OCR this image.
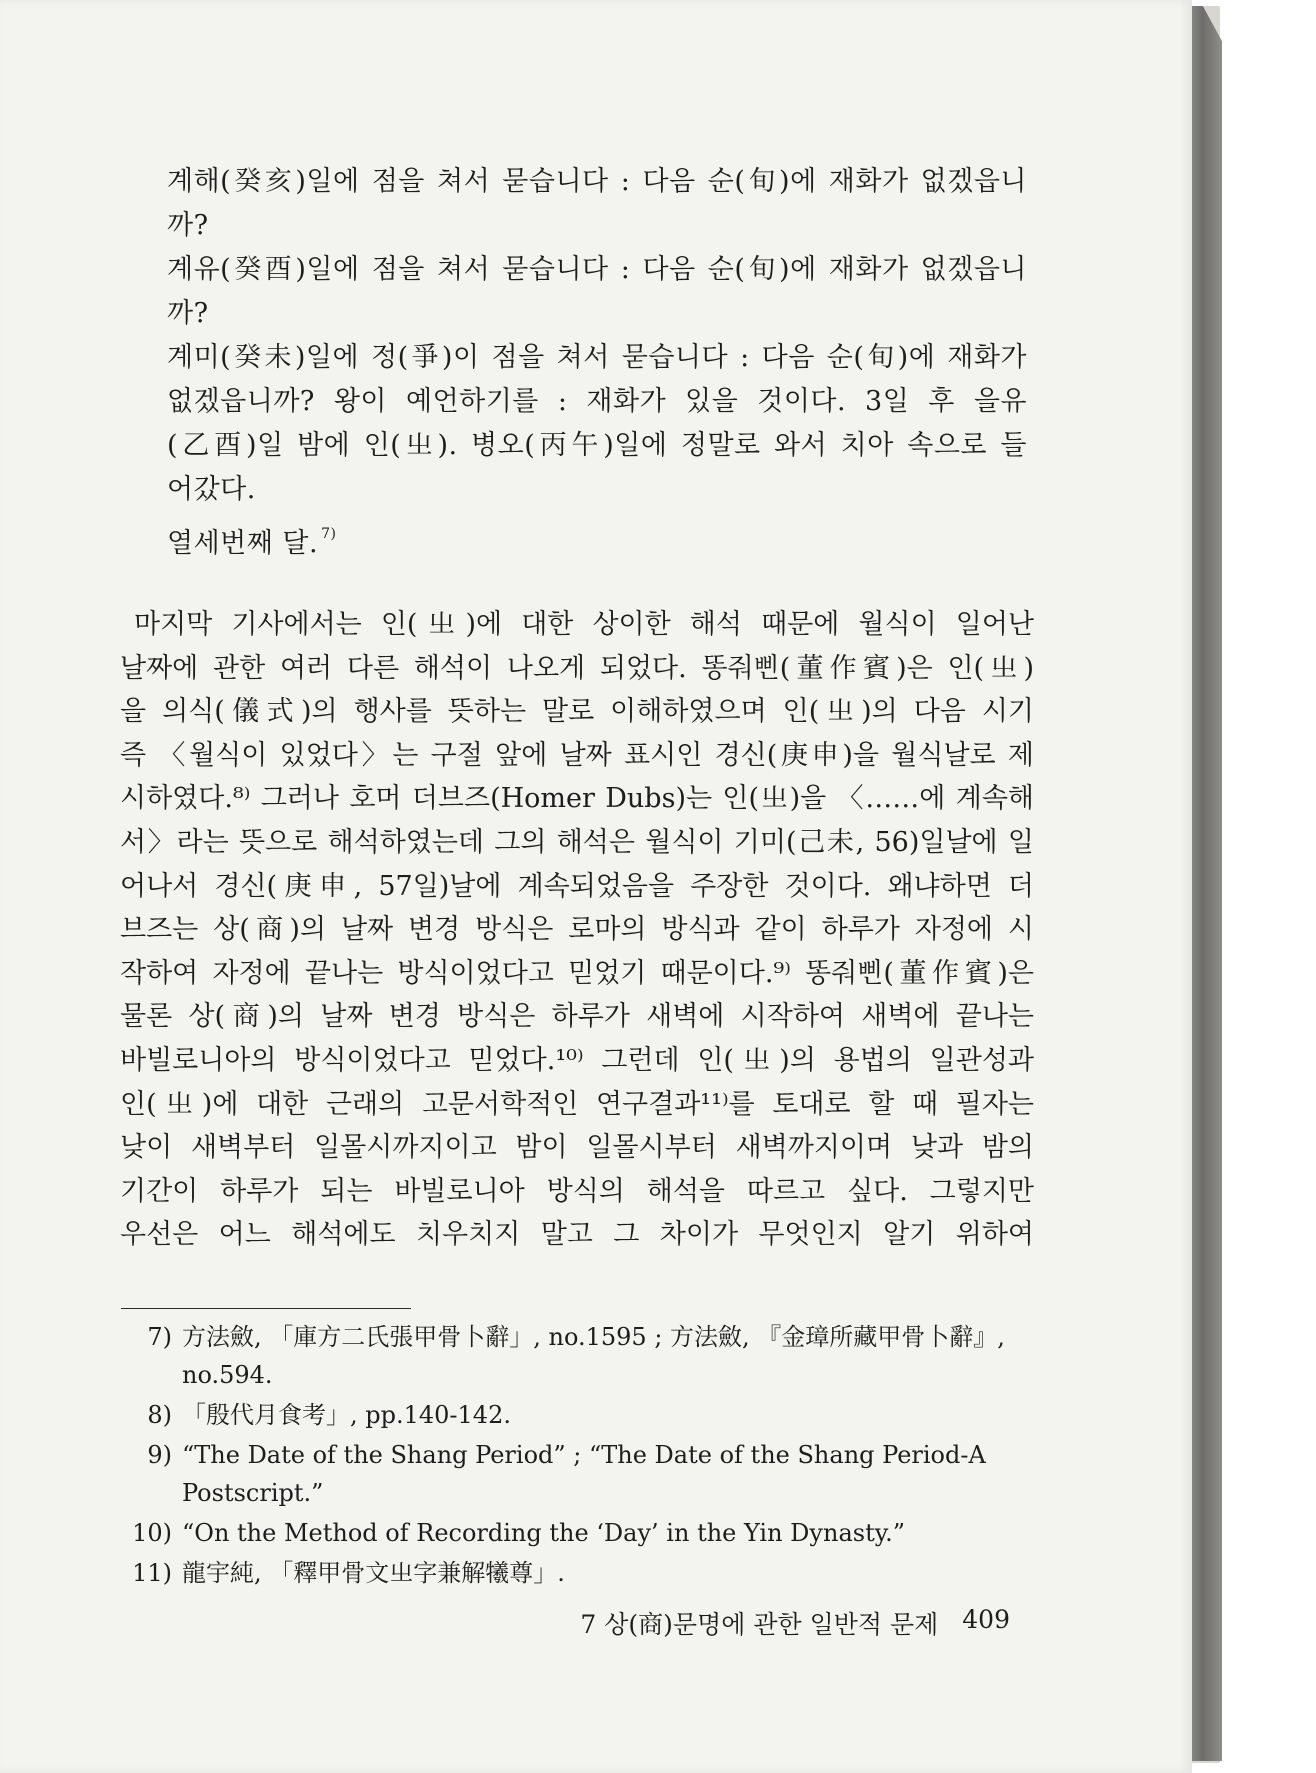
계해(癸亥)일에 점을 쳐서 묻습니다 : 다음 순(旬)에 재화가 없겠읍니
까?
계유(癸酉)일에 점을 쳐서 묻습니다 : 다음 순(旬)에 재화가 없겠읍니
까?
계미(癸未)일에 정(爭)이 점을 쳐서 묻습니다 : 다음 순(旬)에 재화가
없겠읍니까? 왕이 예언하기를 : 재화가 있을 것이다. 3일 후 을유
(乙酉)일 밤에 인(㞢). 병오(丙午)일에 정말로 와서 치아 속으로 들
어갔다.
열세번째 달. $^{7)}$
마지막 기사에서는 인(㞢)에 대한 상이한 해석 때문에 월식이 일어난
날짜에 관한 여러 다른 해석이 나오게 되었다. 똥줘삔(董作賓)은 인(㞢)
을 의식(儀式)의 행사를 뜻하는 말로 이해하였으며 인(㞢)의 다음 시기
즉 〈월식이 있었다〉는 구절 앞에 날짜 표시인 경신(庚申)을 월식날로 제
시하였다.⁸⁾ 그러나 호머 더브즈(Homer Dubs)는 인(㞢)을 〈……에 계속해
서〉라는 뜻으로 해석하였는데 그의 해석은 월식이 기미(己未, 56)일날에 일
어나서 경신(庚申, 57일)날에 계속되었음을 주장한 것이다. 왜냐하면 더
브즈는 상(商)의 날짜 변경 방식은 로마의 방식과 같이 하루가 자정에 시
작하여 자정에 끝나는 방식이었다고 믿었기 때문이다.⁹⁾ 똥줘삔(董作賓)은
물론 상(商)의 날짜 변경 방식은 하루가 새벽에 시작하여 새벽에 끝나는
바빌로니아의 방식이었다고 믿었다.¹⁰⁾ 그런데 인(㞢)의 용법의 일관성과
인(㞢)에 대한 근래의 고문서학적인 연구결과¹¹⁾를 토대로 할 때 필자는
낮이 새벽부터 일몰시까지이고 밤이 일몰시부터 새벽까지이며 낮과 밤의
기간이 하루가 되는 바빌로니아 방식의 해석을 따르고 싶다. 그렇지만
우선은 어느 해석에도 치우치지 말고 그 차이가 무엇인지 알기 위하여
7) 方法斂, 「庫方二氏張甲骨卜辭」, no.1595 ; 方法斂, 『金璋所藏甲骨卜辭』,
no.594.
8) 「殷代月食考」, pp.140-142.
9) “The Date of the Shang Period” ; “The Date of the Shang Period-A
Postscript.”
10) “On the Method of Recording the ‘Day’ in the Yin Dynasty.”
11) 龍宇純, 「釋甲骨文㞢字兼解犧尊」.
7 상(商)문명에 관한 일반적 문제 409
